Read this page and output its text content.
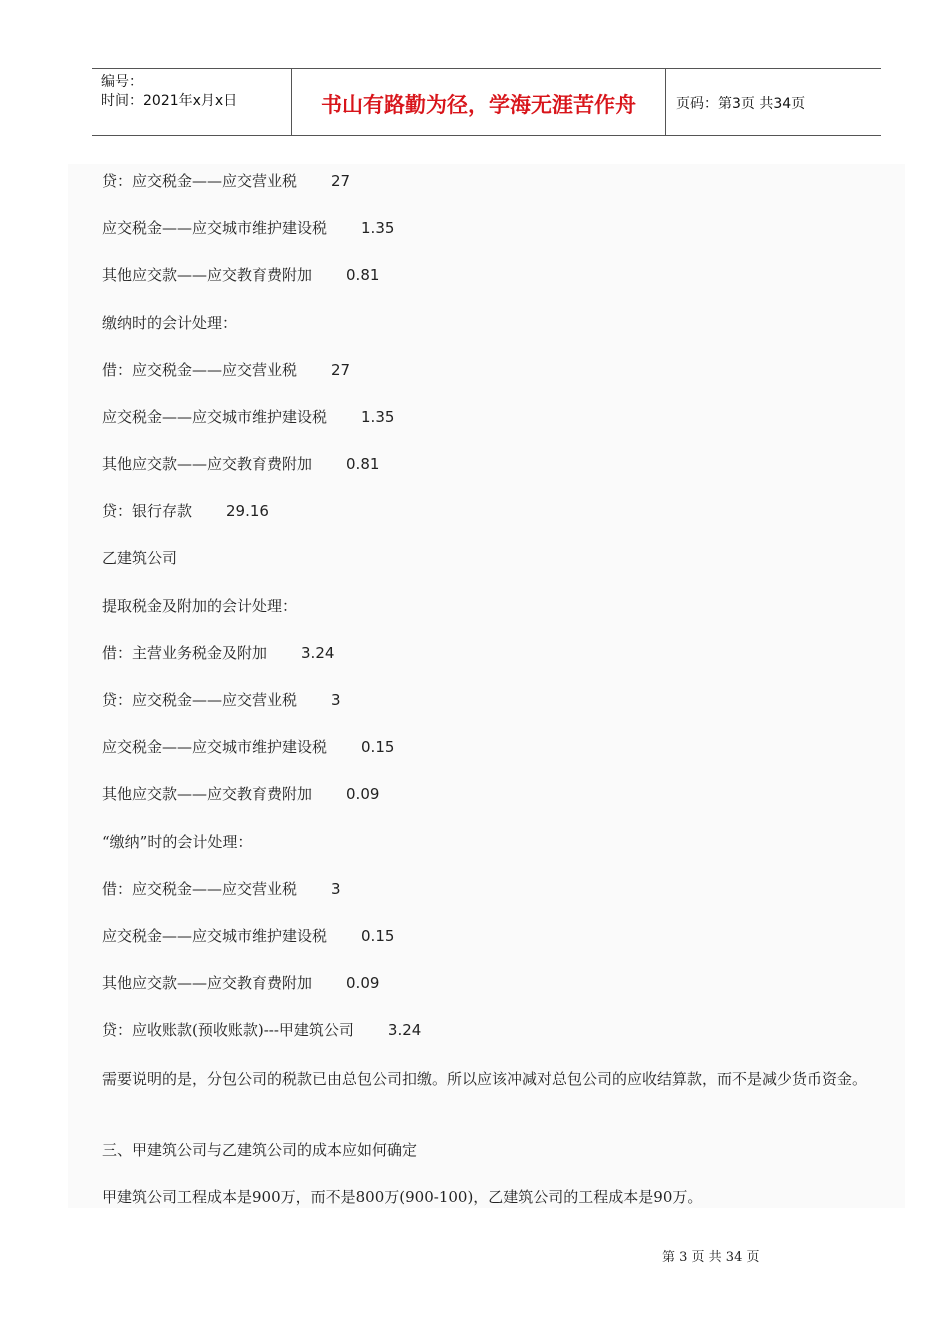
编号：
时间：2021年x月x日	书山有路勤为径，学海无涯苦作舟	页码：第3页 共34页
贷：应交税金——应交营业税 27
应交税金——应交城市维护建设税 1.35
其他应交款——应交教育费附加 0.81
缴纳时的会计处理：
借：应交税金——应交营业税 27
应交税金——应交城市维护建设税 1.35
其他应交款——应交教育费附加 0.81
贷：银行存款 29.16
乙建筑公司
提取税金及附加的会计处理：
借：主营业务税金及附加 3.24
贷：应交税金——应交营业税 3
应交税金——应交城市维护建设税 0.15
其他应交款——应交教育费附加 0.09
“缴纳”时的会计处理：
借：应交税金——应交营业税 3
应交税金——应交城市维护建设税 0.15
其他应交款——应交教育费附加 0.09
贷：应收账款(预收账款)---甲建筑公司 3.24
需要说明的是，分包公司的税款已由总包公司扣缴。所以应该冲减对总包公司的应收结算款，而不是减少货币资金。
三、甲建筑公司与乙建筑公司的成本应如何确定
甲建筑公司工程成本是900万，而不是800万(900-100)，乙建筑公司的工程成本是90万。
第 3 页 共 34 页
